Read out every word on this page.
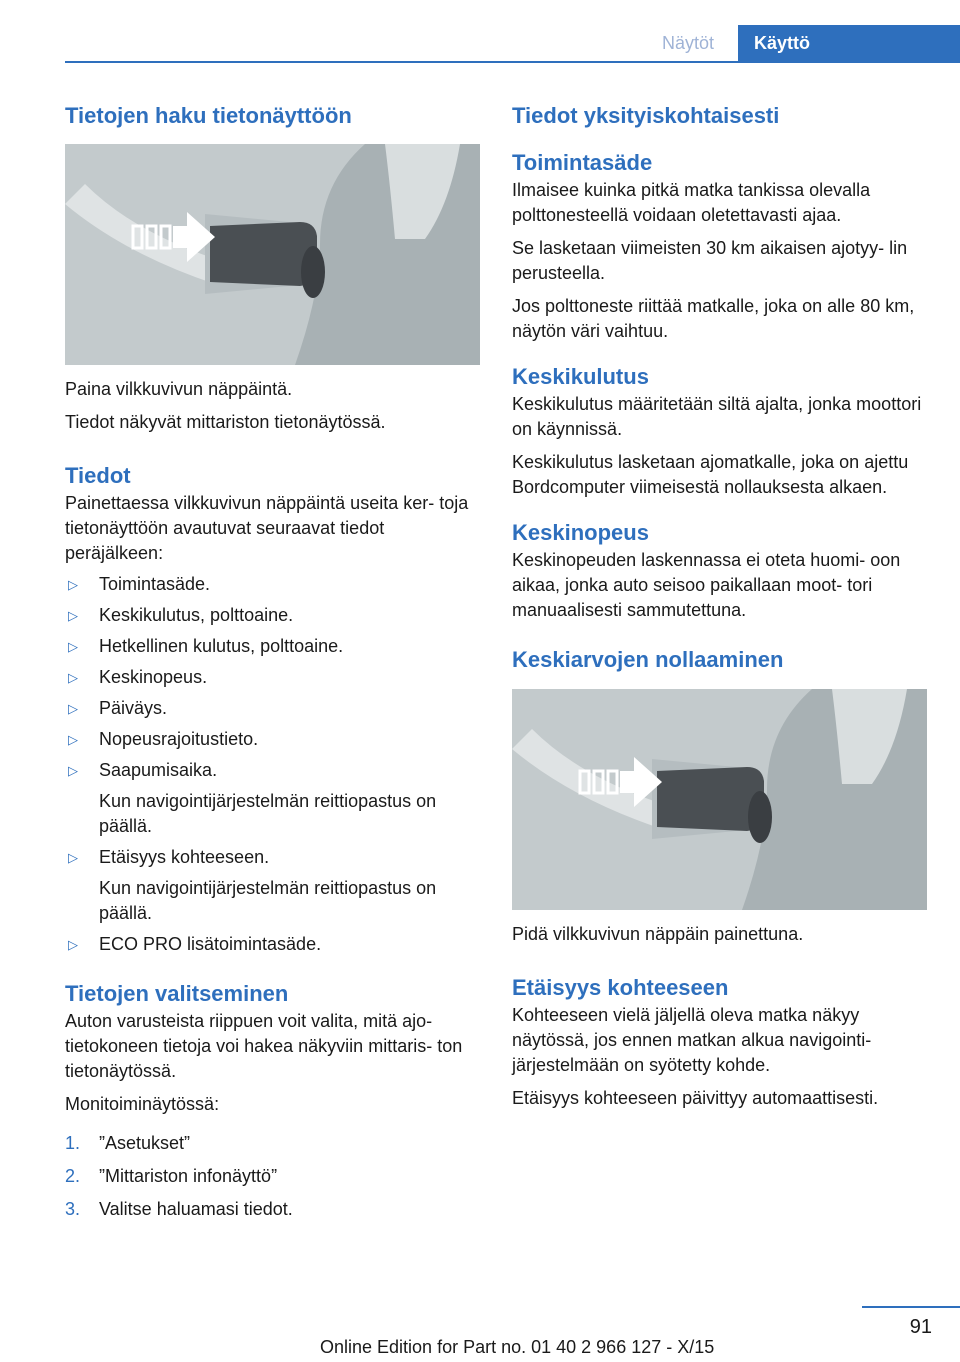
Näytöt	Käyttö
Tietojen haku tietonäyttöön

Paina vilkkuvivun näppäintä.

Tiedot näkyvät mittariston tietonäytössä.

Tiedot

Painettaessa vilkkuvivun näppäintä useita ker- toja tietonäyttöön avautuvat seuraavat tiedot peräjälkeen:

▷ Toimintasäde.
▷ Keskikulutus, polttoaine.
▷ Hetkellinen kulutus, polttoaine.
▷ Keskinopeus.
▷ Päiväys.
▷ Nopeusrajoitustieto.
▷ Saapumisaika.
Kun navigointijärjestelmän reittiopastus on päällä.
▷ Etäisyys kohteeseen.
Kun navigointijärjestelmän reittiopastus on päällä.
▷ ECO PRO lisätoimintasäde.
Tietojen valitseminen

Auton varusteista riippuen voit valita, mitä ajo- tietokoneen tietoja voi hakea näkyviin mittaris- ton tietonäytössä.

Monitoiminäytössä:

1. ”Asetukset”
2. ”Mittariston infonäyttö”
3. Valitse haluamasi tiedot.
Tiedot yksityiskohtaisesti
Toimintasäde

Ilmaisee kuinka pitkä matka tankissa olevalla polttonesteellä voidaan oletettavasti ajaa.

Se lasketaan viimeisten 30 km aikaisen ajotyy- lin perusteella.

Jos polttoneste riittää matkalle, joka on alle 80 km, näytön väri vaihtuu.

Keskikulutus

Keskikulutus määritetään siltä ajalta, jonka moottori on käynnissä.

Keskikulutus lasketaan ajomatkalle, joka on ajettu Bordcomputer viimeisestä nollauksesta alkaen.

Keskinopeus

Keskinopeuden laskennassa ei oteta huomi- oon aikaa, jonka auto seisoo paikallaan moot- tori manuaalisesti sammutettuna.

Keskiarvojen nollaaminen

Pidä vilkkuvivun näppäin painettuna.

Etäisyys kohteeseen

Kohteeseen vielä jäljellä oleva matka näkyy näytössä, jos ennen matkan alkua navigointi- järjestelmään on syötetty kohde.

Etäisyys kohteeseen päivittyy automaattisesti.

91
Online Edition for Part no. 01 40 2 966 127 - X/15
